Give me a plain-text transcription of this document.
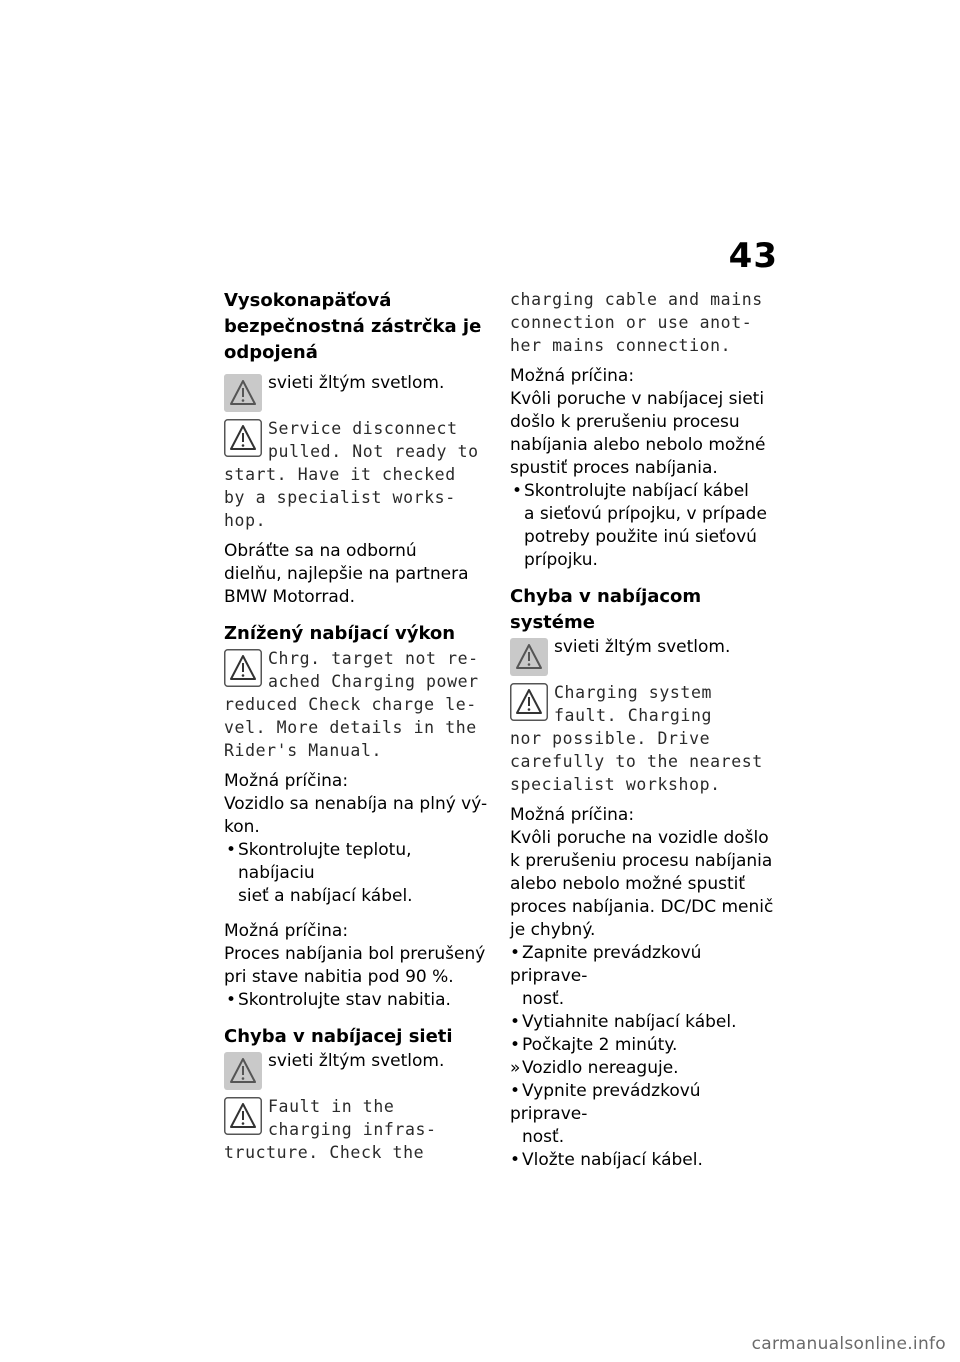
43
Vysokonapäťová
bezpečnostná zástrčka je
odpojená
svieti žltým svetlom.
Service disconnect
pulled. Not ready to
start. Have it checked
by a specialist works-
hop.
Obráťte sa na odbornú
dielňu, najlepšie na partnera
BMW Motorrad.
Znížený nabíjací výkon
Chrg. target not re-
ached Charging power
reduced Check charge le-
vel. More details in the
Rider's Manual.
Možná príčina:
Vozidlo sa nenabíja na plný vý-
kon.
• Skontrolujte teplotu, nabíjaciu
sieť a nabíjací kábel.
Možná príčina:
Proces nabíjania bol prerušený
pri stave nabitia pod 90 %.
• Skontrolujte stav nabitia.
Chyba v nabíjacej sieti
svieti žltým svetlom.
Fault in the
charging infras-
tructure. Check the
charging cable and mains
connection or use anot-
her mains connection.
Možná príčina:
Kvôli poruche v nabíjacej sieti
došlo k prerušeniu procesu
nabíjania alebo nebolo možné
spustiť proces nabíjania.
• Skontrolujte nabíjací kábel
a sieťovú prípojku, v prípade
potreby použite inú sieťovú
prípojku.
Chyba v nabíjacom systéme
svieti žltým svetlom.
Charging system
fault. Charging
nor possible. Drive
carefully to the nearest
specialist workshop.
Možná príčina:
Kvôli poruche na vozidle došlo
k prerušeniu procesu nabíjania
alebo nebolo možné spustiť
proces nabíjania. DC/DC menič
je chybný.
• Zapnite prevádzkovú priprave-
nosť.
• Vytiahnite nabíjací kábel.
• Počkajte 2 minúty.
»Vozidlo nereaguje.
• Vypnite prevádzkovú priprave-
nosť.
• Vložte nabíjací kábel.
carmanualsonline.info
